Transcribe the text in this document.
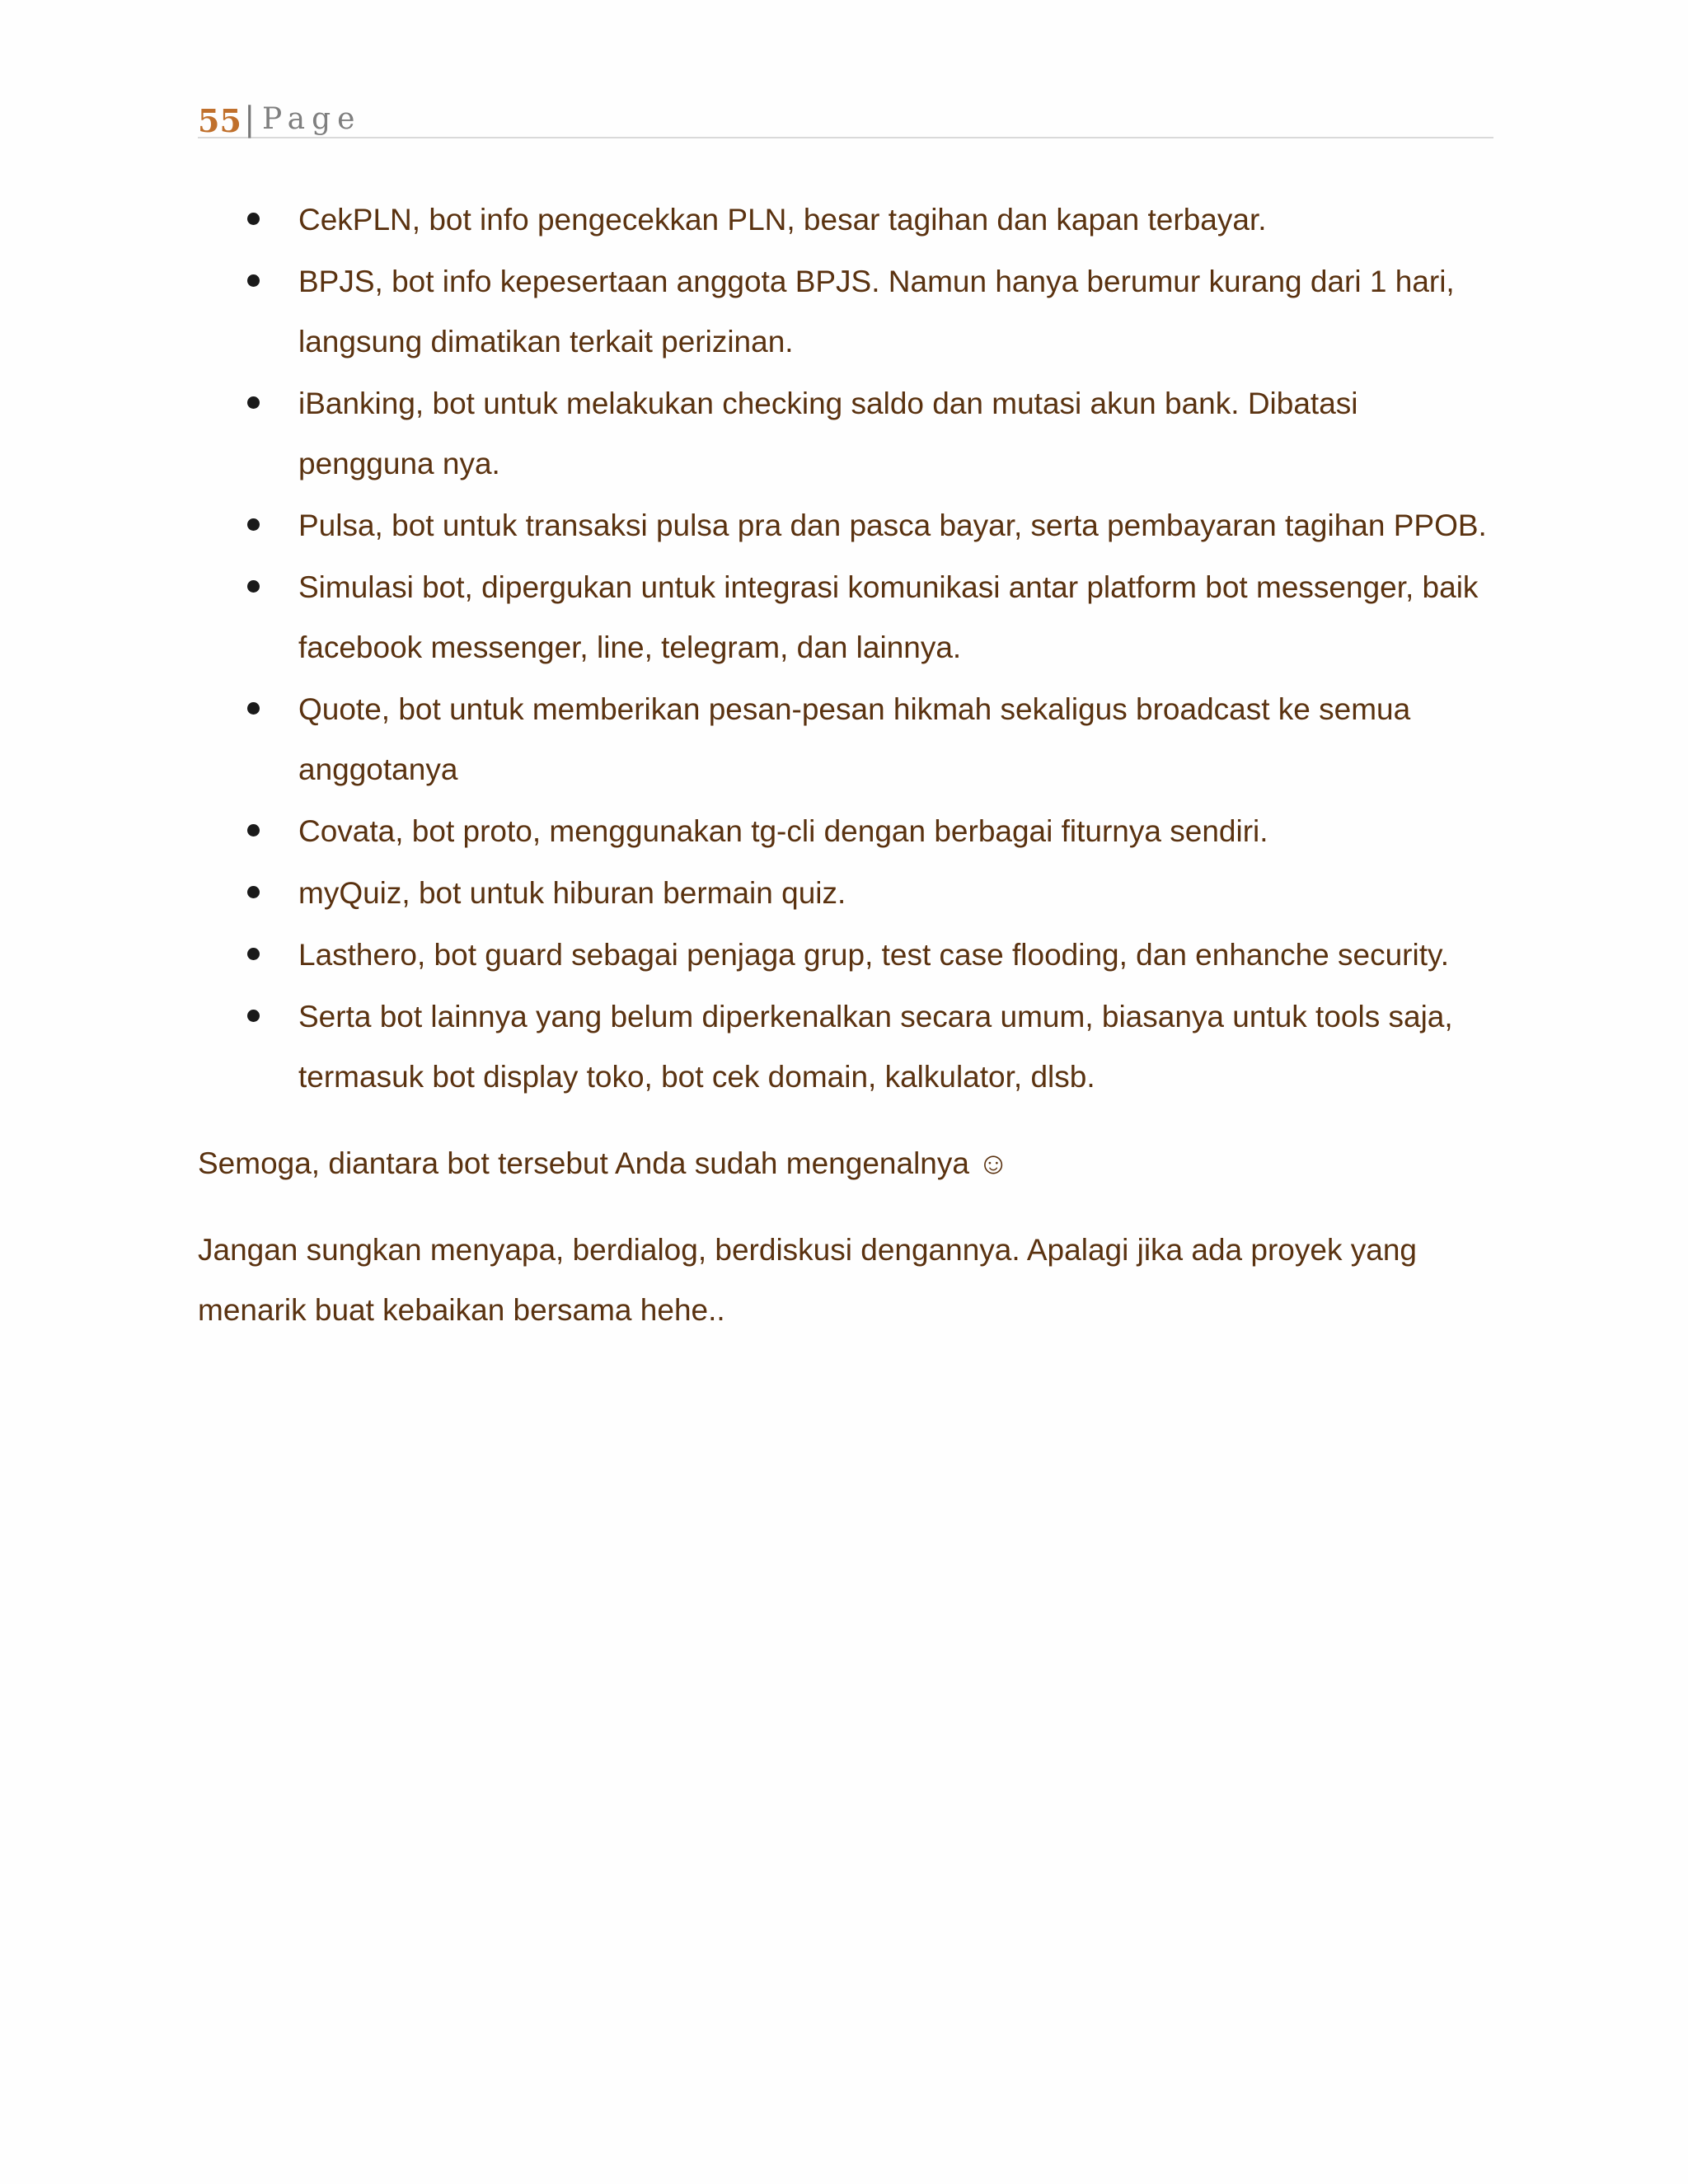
55 | Page
CekPLN, bot info pengecekkan PLN, besar tagihan dan kapan terbayar.
BPJS, bot info kepesertaan anggota BPJS. Namun hanya berumur kurang dari 1 hari, langsung dimatikan terkait perizinan.
iBanking, bot untuk melakukan checking saldo dan mutasi akun bank. Dibatasi pengguna nya.
Pulsa, bot untuk transaksi pulsa pra dan pasca bayar, serta pembayaran tagihan PPOB.
Simulasi bot, dipergukan untuk integrasi komunikasi antar platform bot messenger, baik facebook messenger, line, telegram, dan lainnya.
Quote, bot untuk memberikan pesan-pesan hikmah sekaligus broadcast ke semua anggotanya
Covata, bot proto, menggunakan tg-cli dengan berbagai fiturnya sendiri.
myQuiz, bot untuk hiburan bermain quiz.
Lasthero, bot guard sebagai penjaga grup, test case flooding, dan enhanche security.
Serta bot lainnya yang belum diperkenalkan secara umum, biasanya untuk tools saja, termasuk bot display toko, bot cek domain, kalkulator, dlsb.

Semoga, diantara bot tersebut Anda sudah mengenalnya ☺

Jangan sungkan menyapa, berdialog, berdiskusi dengannya. Apalagi jika ada proyek yang menarik buat kebaikan bersama hehe..
